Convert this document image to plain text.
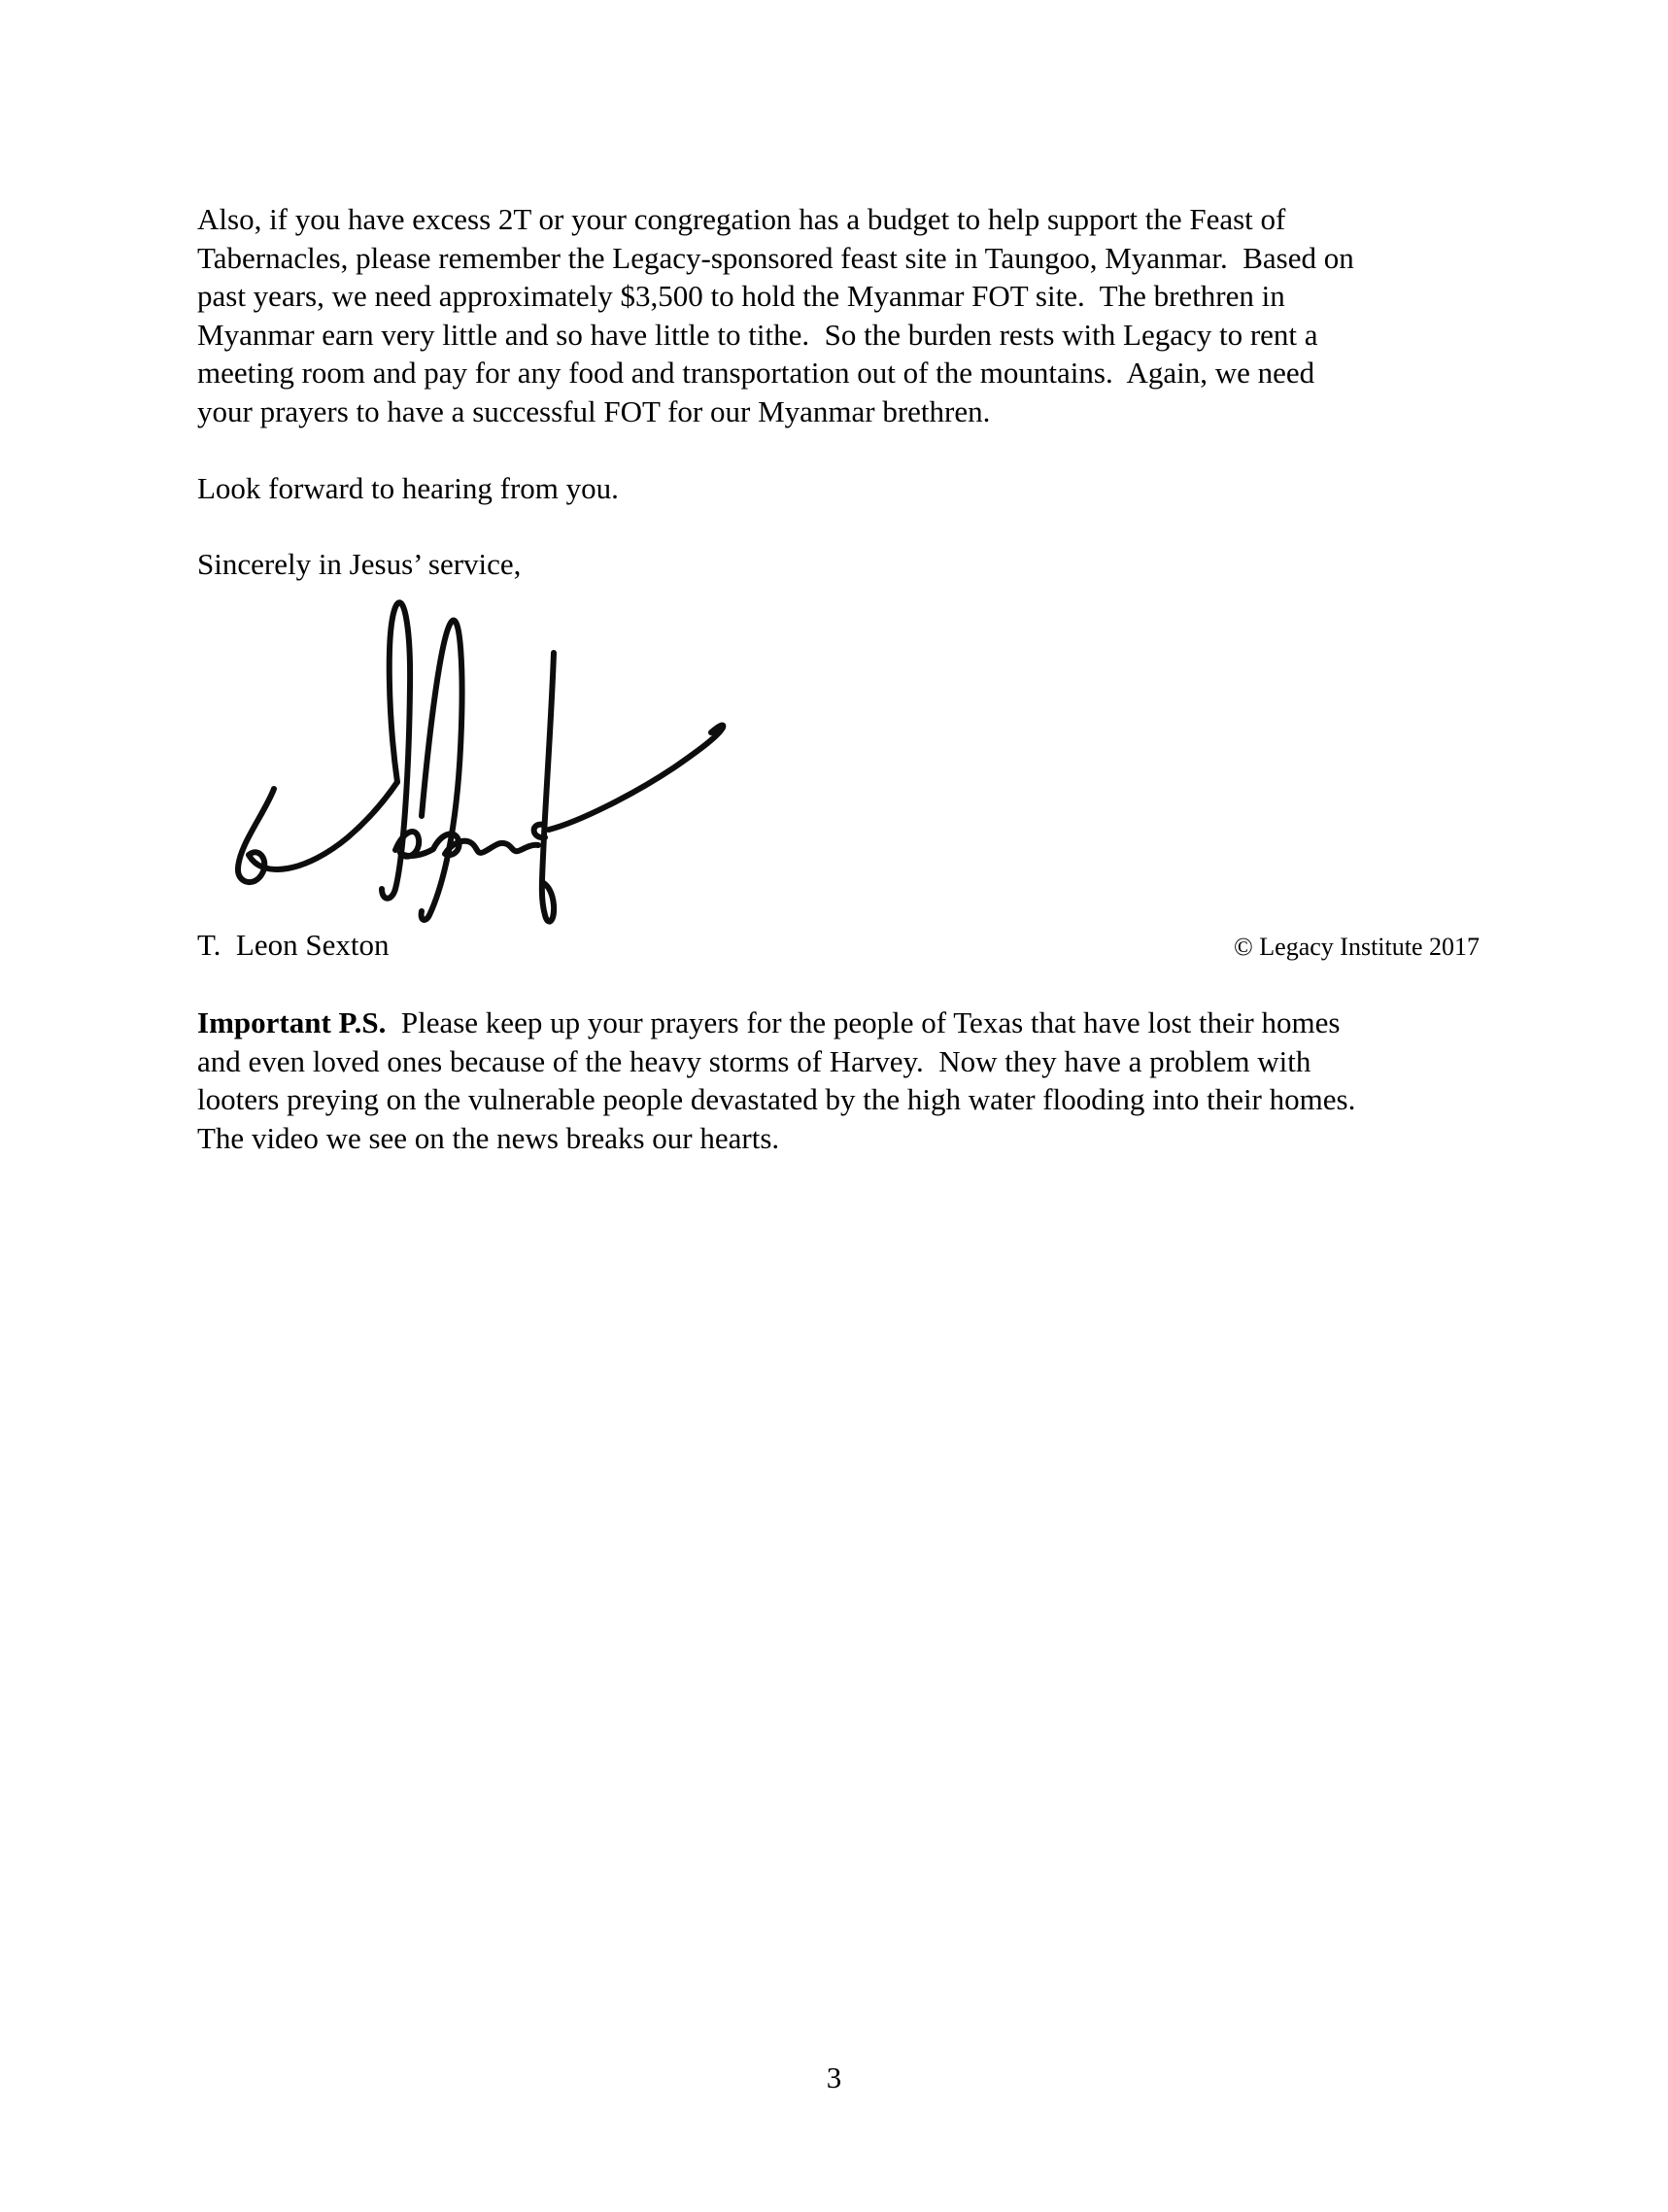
Also, if you have excess 2T or your congregation has a budget to help support the Feast of
Tabernacles, please remember the Legacy-sponsored feast site in Taungoo, Myanmar.  Based on
past years, we need approximately $3,500 to hold the Myanmar FOT site.  The brethren in
Myanmar earn very little and so have little to tithe.  So the burden rests with Legacy to rent a
meeting room and pay for any food and transportation out of the mountains.  Again, we need
your prayers to have a successful FOT for our Myanmar brethren.
Look forward to hearing from you.
Sincerely in Jesus’ service,
T.  Leon Sexton	© Legacy Institute 2017
Important P.S.  Please keep up your prayers for the people of Texas that have lost their homes
and even loved ones because of the heavy storms of Harvey.  Now they have a problem with
looters preying on the vulnerable people devastated by the high water flooding into their homes.
The video we see on the news breaks our hearts.
3
